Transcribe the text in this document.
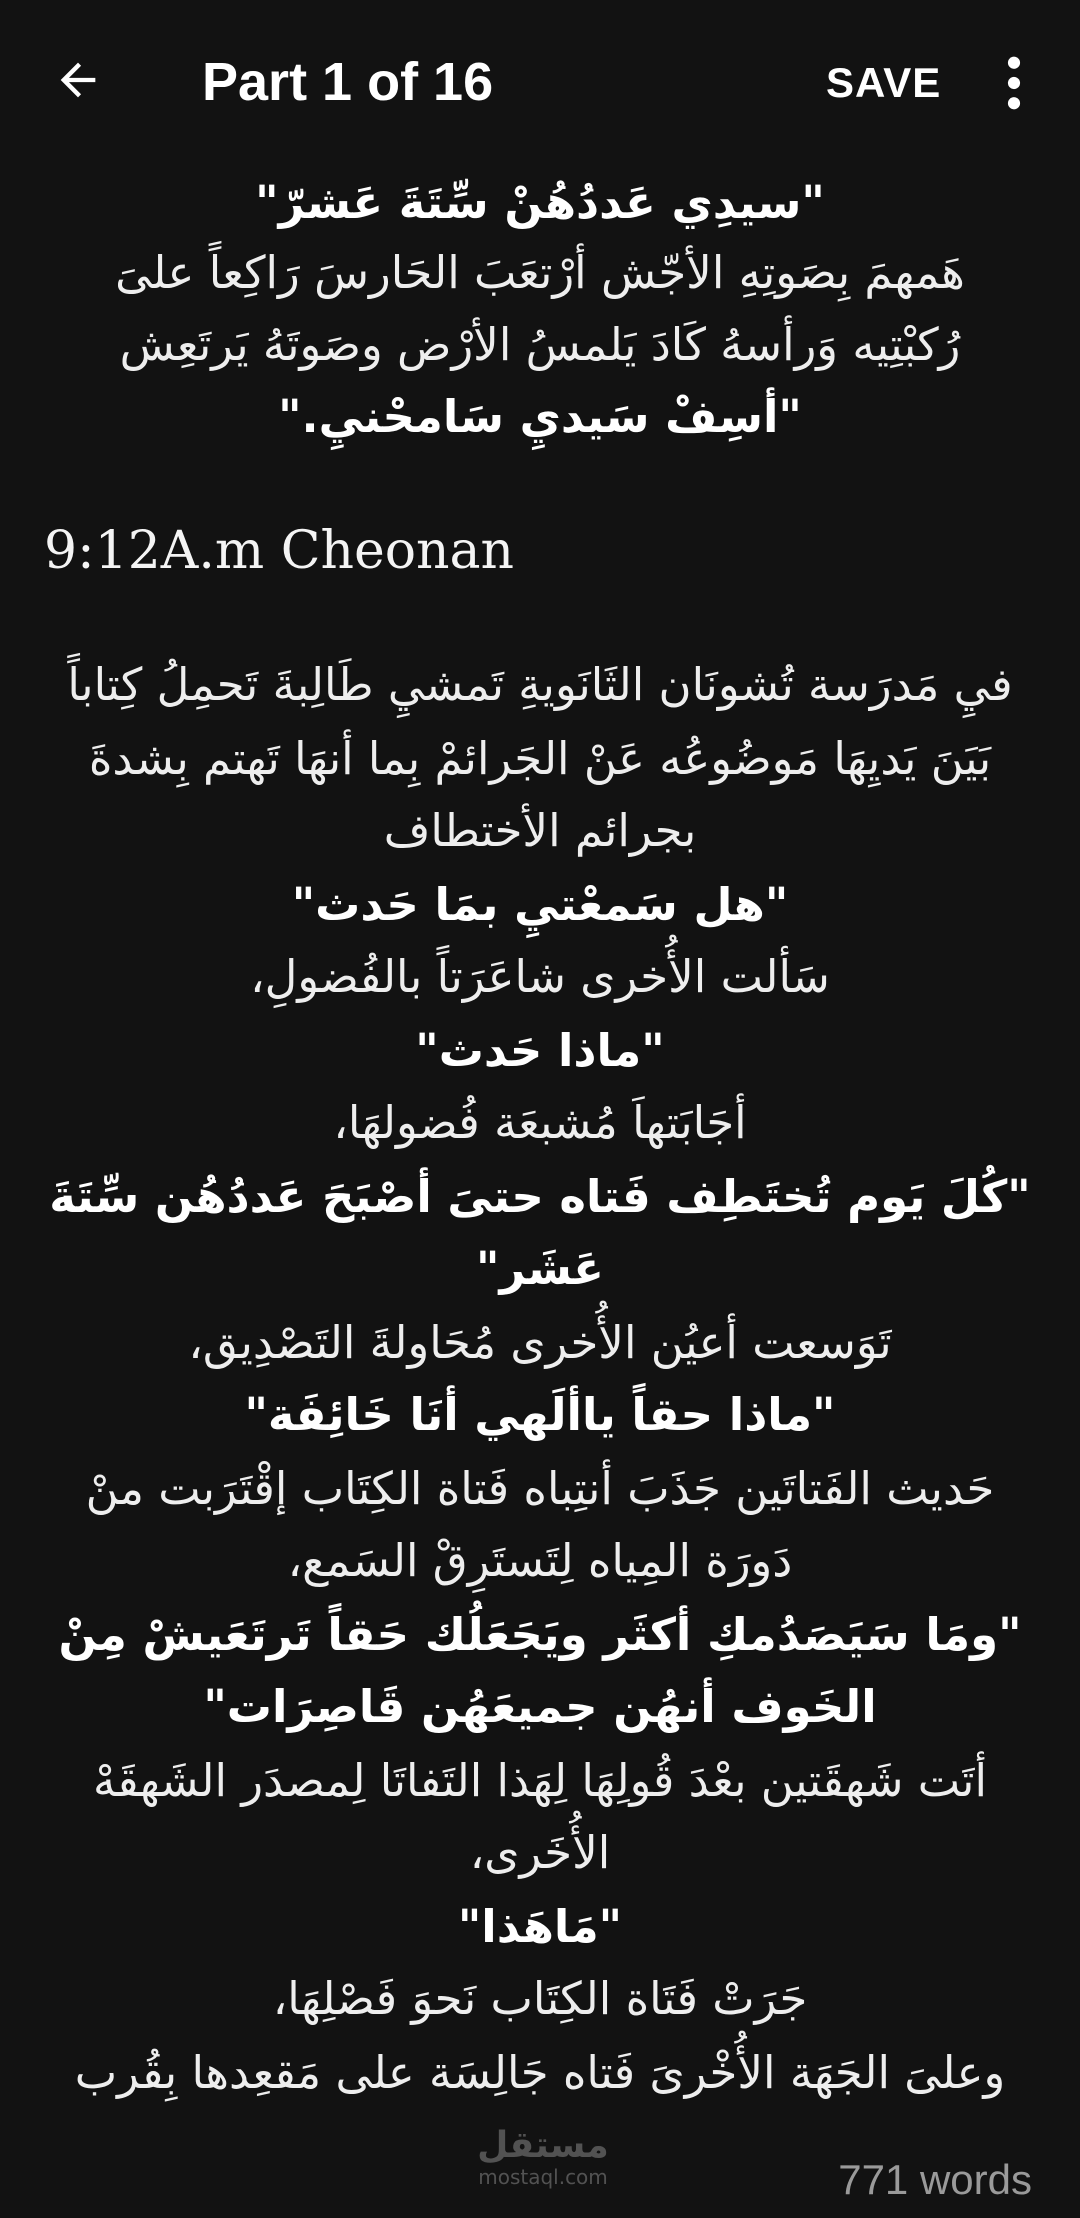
Part 1 of 16	SAVE
"سيدِي عَددُهُنْ سِّتَةَ عَشرّ"
هَمهمَ بِصَوتِهِ الأجّش أرْتعَبَ الحَارسَ رَاكِعاً علىَ
رُكبْتِيه وَرأسهُ كَادَ يَلمسُ الأرْض وصَوتَهُ يَرتَعِش
"أسِفْ سَيديِ سَامحْنيِ."
9:12A.m Cheonan
فيِ مَدرَسة تُشونَان الثَانَويةِ تَمشيِ طَالِبةَ تَحمِلُ كِتاباً
بَيَنَ يَديِهَا مَوضُوعُه عَنْ الجَرائمْ بِما أنهَا تَهتم بِشدةَ
بجرائم الأختطاف
"هل سَمعْتيِ بمَا حَدث"
سَألت الأُخرى شاعَرَتاً بالفُضولِ،
"ماذا حَدث"
أجَابَتهاَ مُشبعَة فُضولهَا،
"كُلَ يَوم تُختَطِف فَتاه حتىَ أصْبَحَ عَددُهُن سِّتَةَ
عَشَر"
تَوَسعت أعيُن الأُخرى مُحَاولةَ التَصْدِيق،
"ماذا حقاً ياألَهي أنَا خَائِفَة"
حَديث الفَتاتَين جَذَبَ أنتِباه فَتاة الكِتَاب إقْتَرَبت منْ
دَورَة المِياه لِتَستَرِقْ السَمع،
"ومَا سَيَصَدُمكِ أكثَر ويَجَعَلُك حَقاً تَرتَعَيشْ مِنْ
الخَوف أنهُن جميعَهُن قَاصِرَات"
أتَت شَهقَتين بعْدَ قُولِهَا لِهَذا التَفاتَا لِمصدَر الشَهقَهْ
الأُخَرى،
"مَاهَذا"
جَرَتْ فَتَاة الكِتَاب نَحوَ فَصْلِهَا،
وعلىَ الجَهَة الأُخْرىَ فَتاه جَالِسَة على مَقعِدها بِقُرب
مستقل
mostaql.com	771 words
